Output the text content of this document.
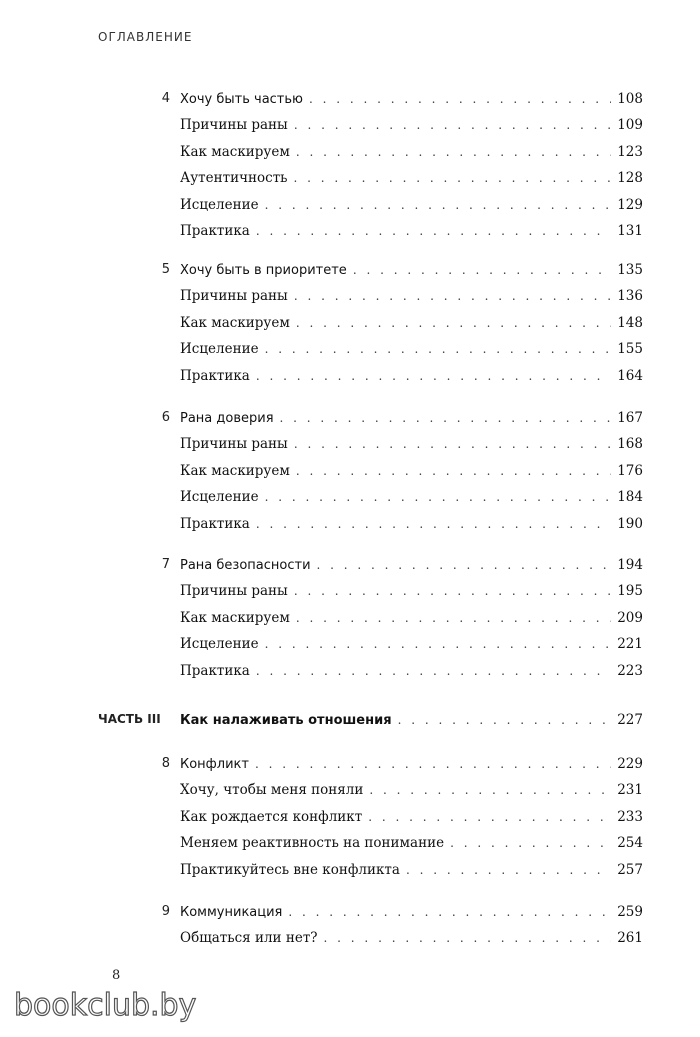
ОГЛАВЛЕНИЕ
4 Хочу быть частью . . .	108
Причины раны . . .	109
Как маскируем . . .	123
Аутентичность . . .	128
Исцеление . . .	129
Практика . . .	131
5 Хочу быть в приоритете . . .	135
Причины раны . . .	136
Как маскируем . . .	148
Исцеление . . .	155
Практика . . .	164
6 Рана доверия . . .	167
Причины раны . . .	168
Как маскируем . . .	176
Исцеление . . .	184
Практика . . .	190
7 Рана безопасности . . .	194
Причины раны . . .	195
Как маскируем . . .	209
Исцеление . . .	221
Практика . . .	223
ЧАСТЬ III Как налаживать отношения . . .	227
8 Конфликт . . .	229
Хочу, чтобы меня поняли . . .	231
Как рождается конфликт . . .	233
Меняем реактивность на понимание . . .	254
Практикуйтесь вне конфликта . . .	257
9 Коммуникация . . .	259
Общаться или нет? . . .	261
8
bookclub.by
